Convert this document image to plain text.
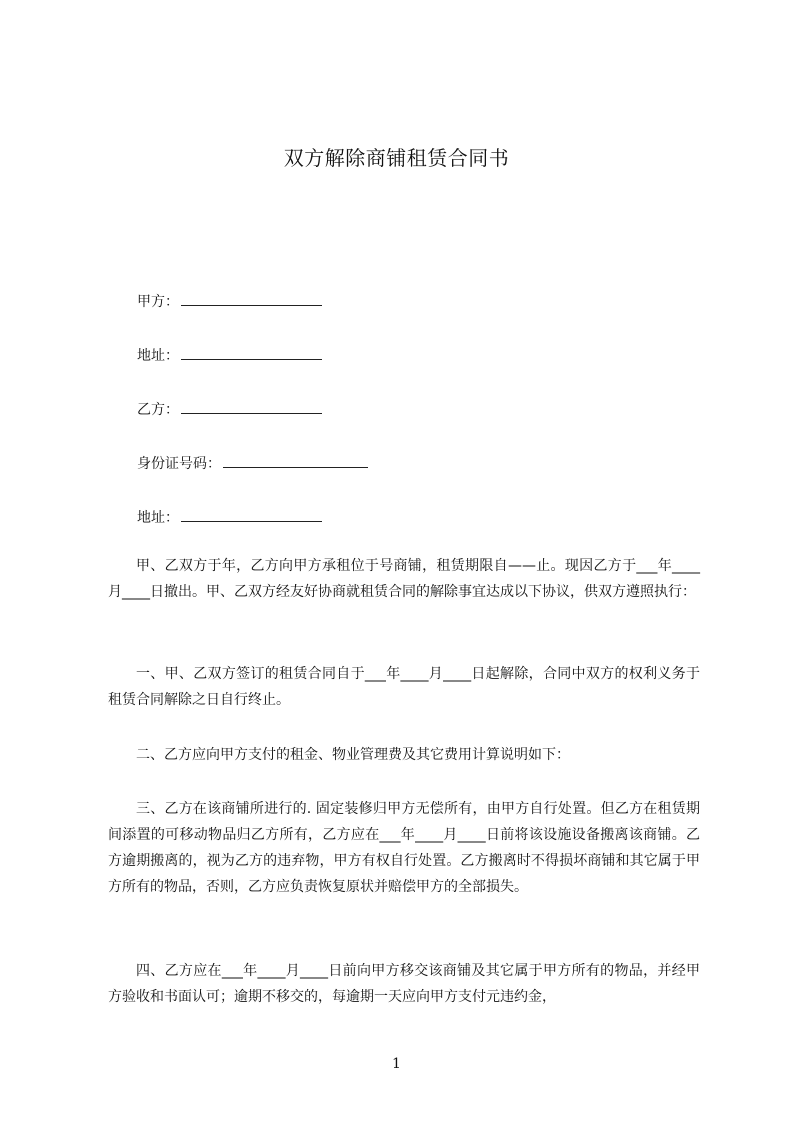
双方解除商铺租赁合同书
甲方：
地址：
乙方：
身份证号码：
地址：
甲、乙双方于年，乙方向甲方承租位于号商铺，租赁期限自——止。现因乙方于___年____月____日撤出。甲、乙双方经友好协商就租赁合同的解除事宜达成以下协议，供双方遵照执行：
一、甲、乙双方签订的租赁合同自于___年____月____日起解除，合同中双方的权利义务于租赁合同解除之日自行终止。
二、乙方应向甲方支付的租金、物业管理费及其它费用计算说明如下：
三、乙方在该商铺所进行的. 固定装修归甲方无偿所有，由甲方自行处置。但乙方在租赁期间添置的可移动物品归乙方所有，乙方应在___年____月____日前将该设施设备搬离该商铺。乙方逾期搬离的，视为乙方的违弃物，甲方有权自行处置。乙方搬离时不得损坏商铺和其它属于甲方所有的物品，否则，乙方应负责恢复原状并赔偿甲方的全部损失。
四、乙方应在___年____月____日前向甲方移交该商铺及其它属于甲方所有的物品，并经甲方验收和书面认可；逾期不移交的，每逾期一天应向甲方支付元违约金，
1
